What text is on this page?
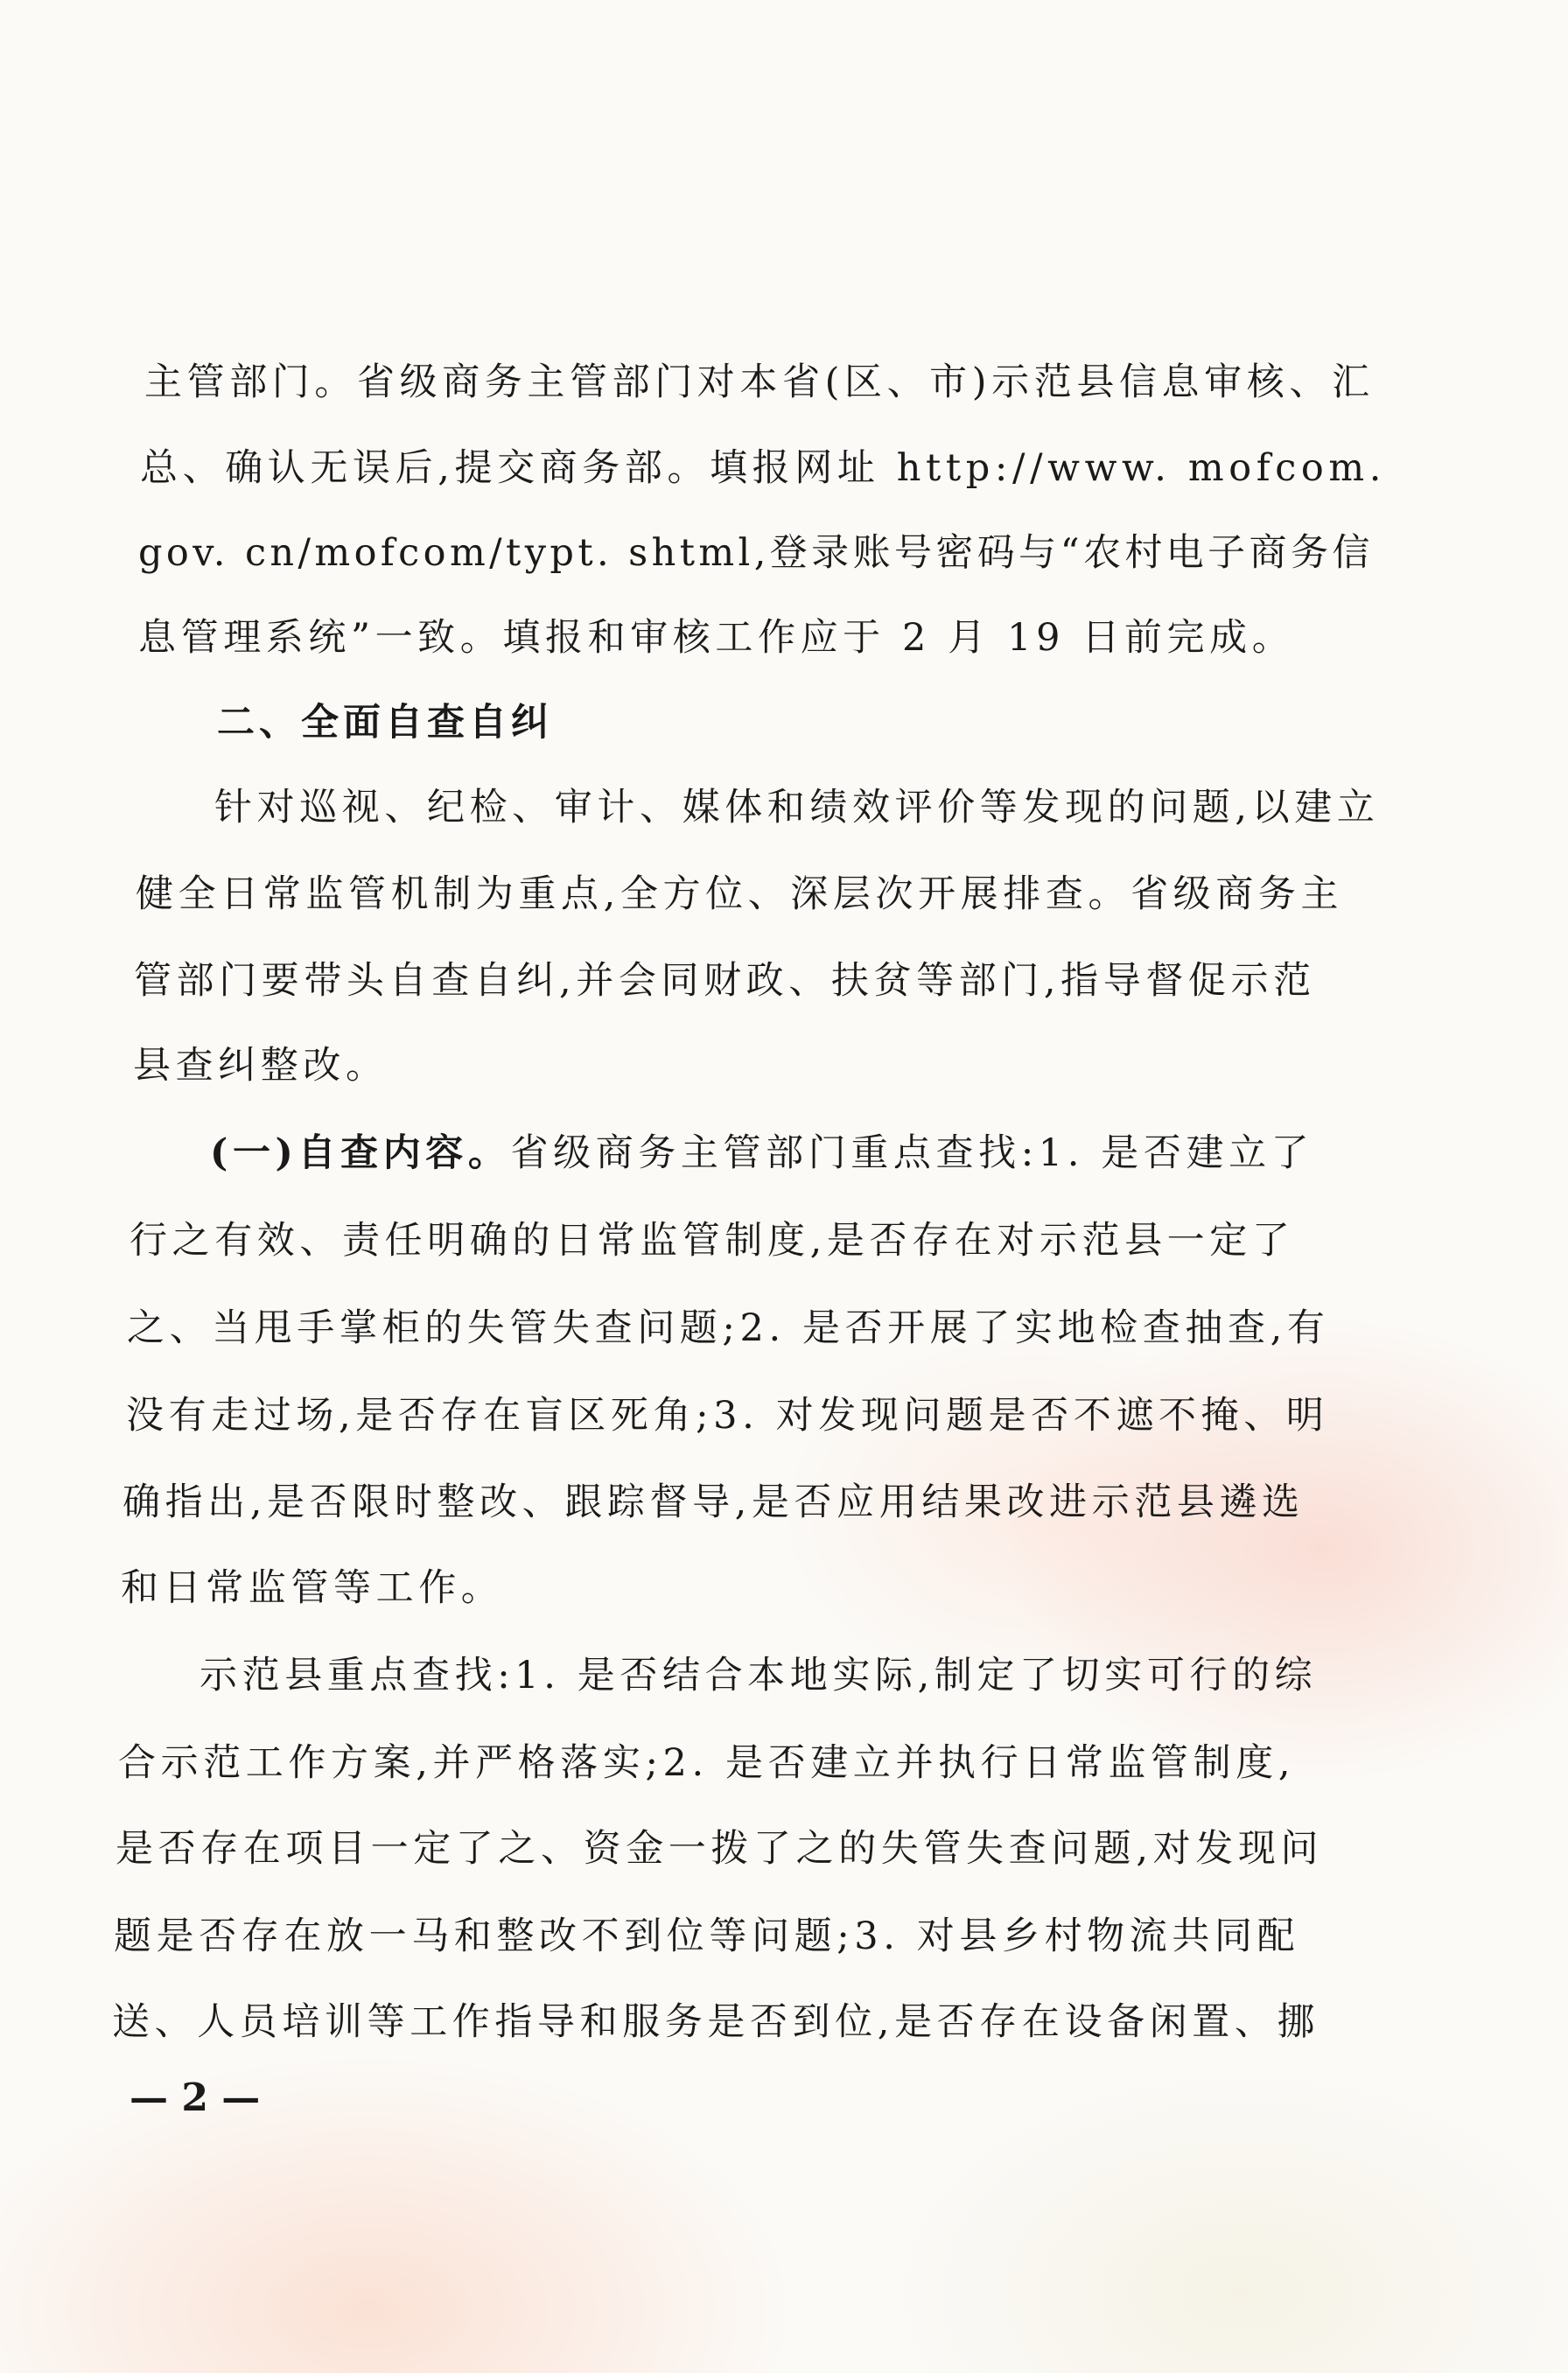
主管部门。省级商务主管部门对本省(区、市)示范县信息审核、汇
总、确认无误后,提交商务部。填报网址 http://www. mofcom.
gov. cn/mofcom/typt. shtml,登录账号密码与“农村电子商务信
息管理系统”一致。填报和审核工作应于 2 月 19 日前完成。
二、全面自查自纠
针对巡视、纪检、审计、媒体和绩效评价等发现的问题,以建立
健全日常监管机制为重点,全方位、深层次开展排查。省级商务主
管部门要带头自查自纠,并会同财政、扶贫等部门,指导督促示范
县查纠整改。
(一)自查内容。省级商务主管部门重点查找:1. 是否建立了
行之有效、责任明确的日常监管制度,是否存在对示范县一定了
之、当甩手掌柜的失管失查问题;2. 是否开展了实地检查抽查,有
没有走过场,是否存在盲区死角;3. 对发现问题是否不遮不掩、明
确指出,是否限时整改、跟踪督导,是否应用结果改进示范县遴选
和日常监管等工作。
示范县重点查找:1. 是否结合本地实际,制定了切实可行的综
合示范工作方案,并严格落实;2. 是否建立并执行日常监管制度,
是否存在项目一定了之、资金一拨了之的失管失查问题,对发现问
题是否存在放一马和整改不到位等问题;3. 对县乡村物流共同配
送、人员培训等工作指导和服务是否到位,是否存在设备闲置、挪
— 2 —
